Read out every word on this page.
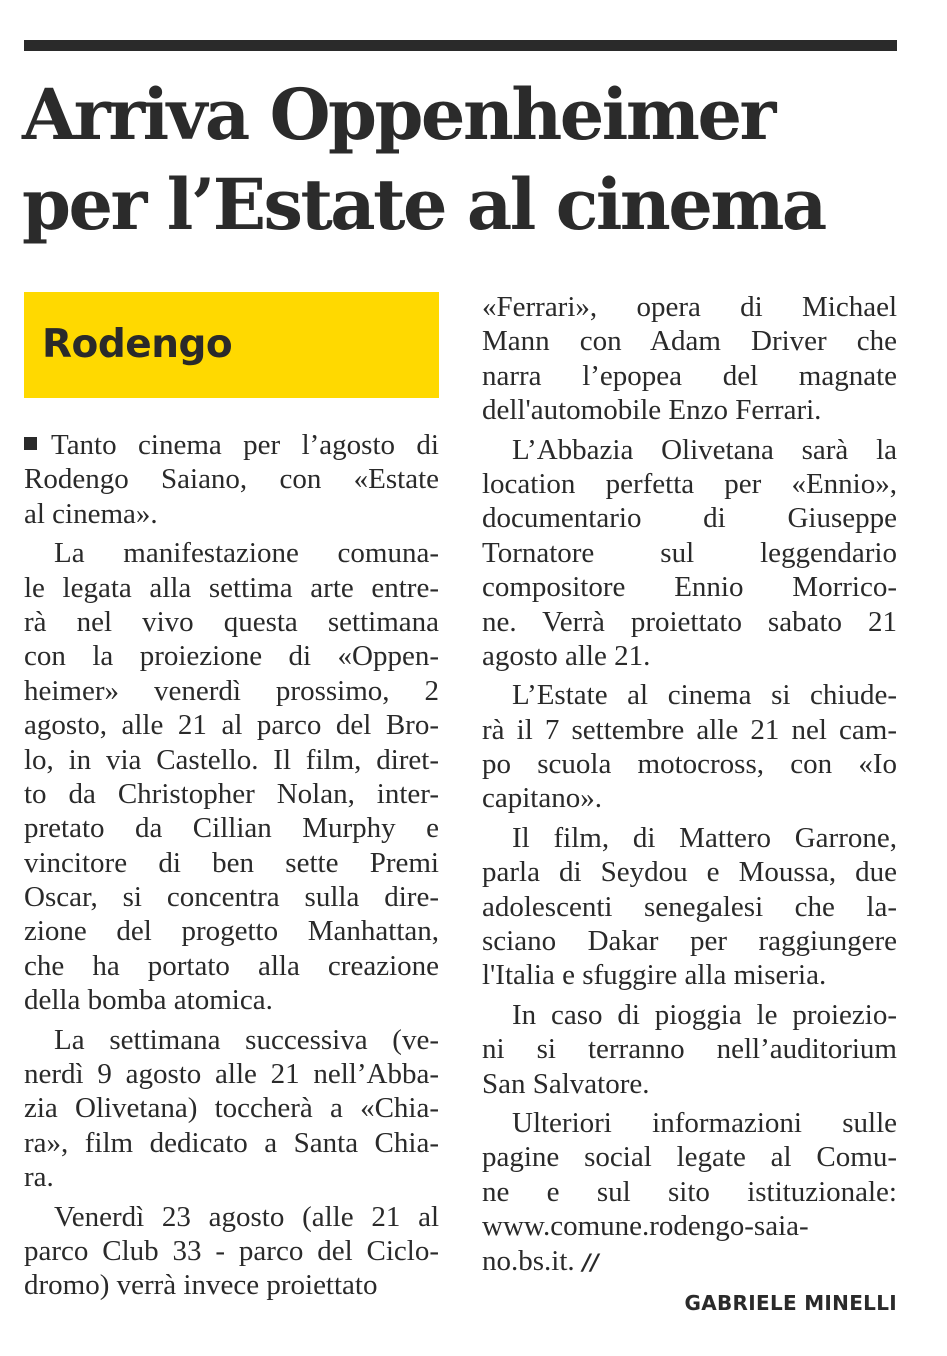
Arriva Oppenheimer
per l’Estate al cinema
Rodengo
Tanto cinema per l’agosto di
Rodengo Saiano, con «Estate
al cinema».
La manifestazione comuna-
le legata alla settima arte entre-
rà nel vivo questa settimana
con la proiezione di «Oppen-
heimer» venerdì prossimo, 2
agosto, alle 21 al parco del Bro-
lo, in via Castello. Il film, diret-
to da Christopher Nolan, inter-
pretato da Cillian Murphy e
vincitore di ben sette Premi
Oscar, si concentra sulla dire-
zione del progetto Manhattan,
che ha portato alla creazione
della bomba atomica.
La settimana successiva (ve-
nerdì 9 agosto alle 21 nell’Abba-
zia Olivetana) toccherà a «Chia-
ra», film dedicato a Santa Chia-
ra.
Venerdì 23 agosto (alle 21 al
parco Club 33 - parco del Ciclo-
dromo) verrà invece proiettato
«Ferrari», opera di Michael
Mann con Adam Driver che
narra l’epopea del magnate
dell'automobile Enzo Ferrari.
L’Abbazia Olivetana sarà la
location perfetta per «Ennio»,
documentario di Giuseppe
Tornatore sul leggendario
compositore Ennio Morrico-
ne. Verrà proiettato sabato 21
agosto alle 21.
L’Estate al cinema si chiude-
rà il 7 settembre alle 21 nel cam-
po scuola motocross, con «Io
capitano».
Il film, di Mattero Garrone,
parla di Seydou e Moussa, due
adolescenti senegalesi che la-
sciano Dakar per raggiungere
l'Italia e sfuggire alla miseria.
In caso di pioggia le proiezio-
ni si terranno nell’auditorium
San Salvatore.
Ulteriori informazioni sulle
pagine social legate al Comu-
ne e sul sito istituzionale:
www.comune.rodengo-saia-
no.bs.it. //
GABRIELE MINELLI
